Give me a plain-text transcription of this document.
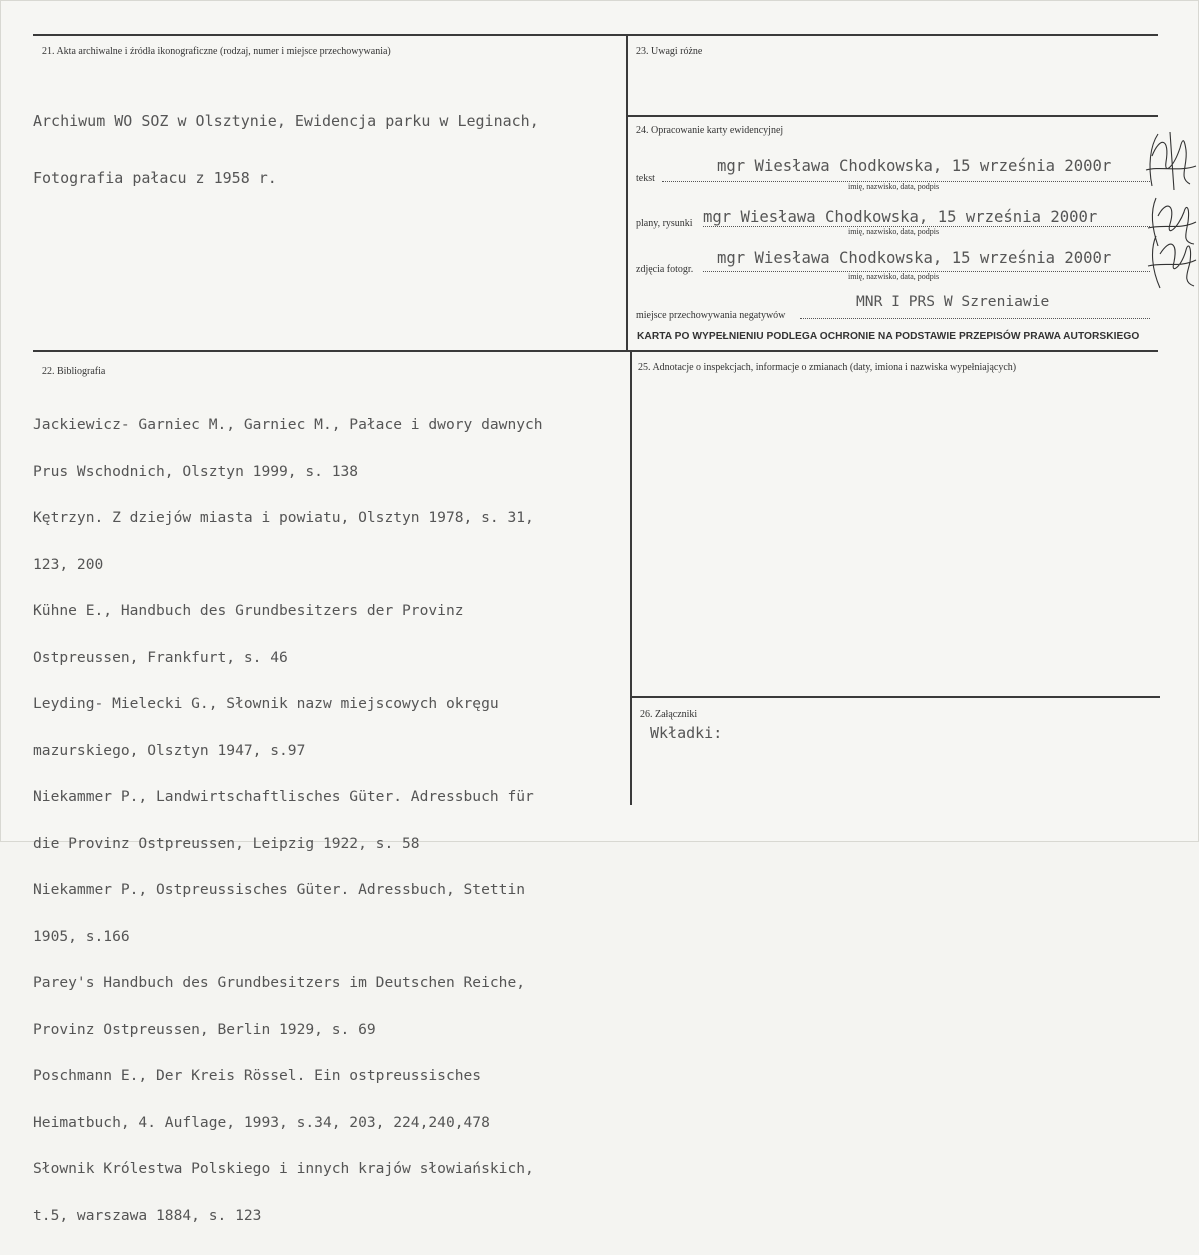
21. Akta archiwalne i źródła ikonograficzne (rodzaj, numer i miejsce przechowywania)

Archiwum WO SOZ w Olsztynie, Ewidencja parku w Leginach,

Fotografia pałacu z 1958 r.

23. Uwagi różne
24. Opracowanie karty ewidencyjnej
tekst
mgr Wiesława Chodkowska, 15 września 2000r
imię, nazwisko, data, podpis
plany, rysunki mgr Wiesława Chodkowska, 15 września 2000r
imię, nazwisko, data, podpis
zdjęcia fotogr.
mgr Wiesława Chodkowska, 15 września 2000r
imię, nazwisko, data, podpis
miejsce przechowywania negatywów
MNR I PRS W Szreniawie
KARTA PO WYPEŁNIENIU PODLEGA OCHRONIE NA PODSTAWIE PRZEPISÓW PRAWA AUTORSKIEGO
22. Bibliografia

Jackiewicz- Garniec M., Garniec M., Pałace i dwory dawnych

Prus Wschodnich, Olsztyn 1999, s. 138

Kętrzyn. Z dziejów miasta i powiatu, Olsztyn 1978, s. 31,

123, 200

Kühne E., Handbuch des Grundbesitzers der Provinz

Ostpreussen, Frankfurt, s. 46

Leyding- Mielecki G., Słownik nazw miejscowych okręgu

mazurskiego, Olsztyn 1947, s.97

Niekammer P., Landwirtschaftlisches Güter. Adressbuch für

die Provinz Ostpreussen, Leipzig 1922, s. 58

Niekammer P., Ostpreussisches Güter. Adressbuch, Stettin

1905, s.166

Parey's Handbuch des Grundbesitzers im Deutschen Reiche,

Provinz Ostpreussen, Berlin 1929, s. 69

Poschmann E., Der Kreis Rössel. Ein ostpreussisches

Heimatbuch, 4. Auflage, 1993, s.34, 203, 224,240,478

Słownik Królestwa Polskiego i innych krajów słowiańskich,

t.5, warszawa 1884, s. 123

25. Adnotacje o inspekcjach, informacje o zmianach (daty, imiona i nazwiska wypełniających)
26. Załączniki
Wkładki:
